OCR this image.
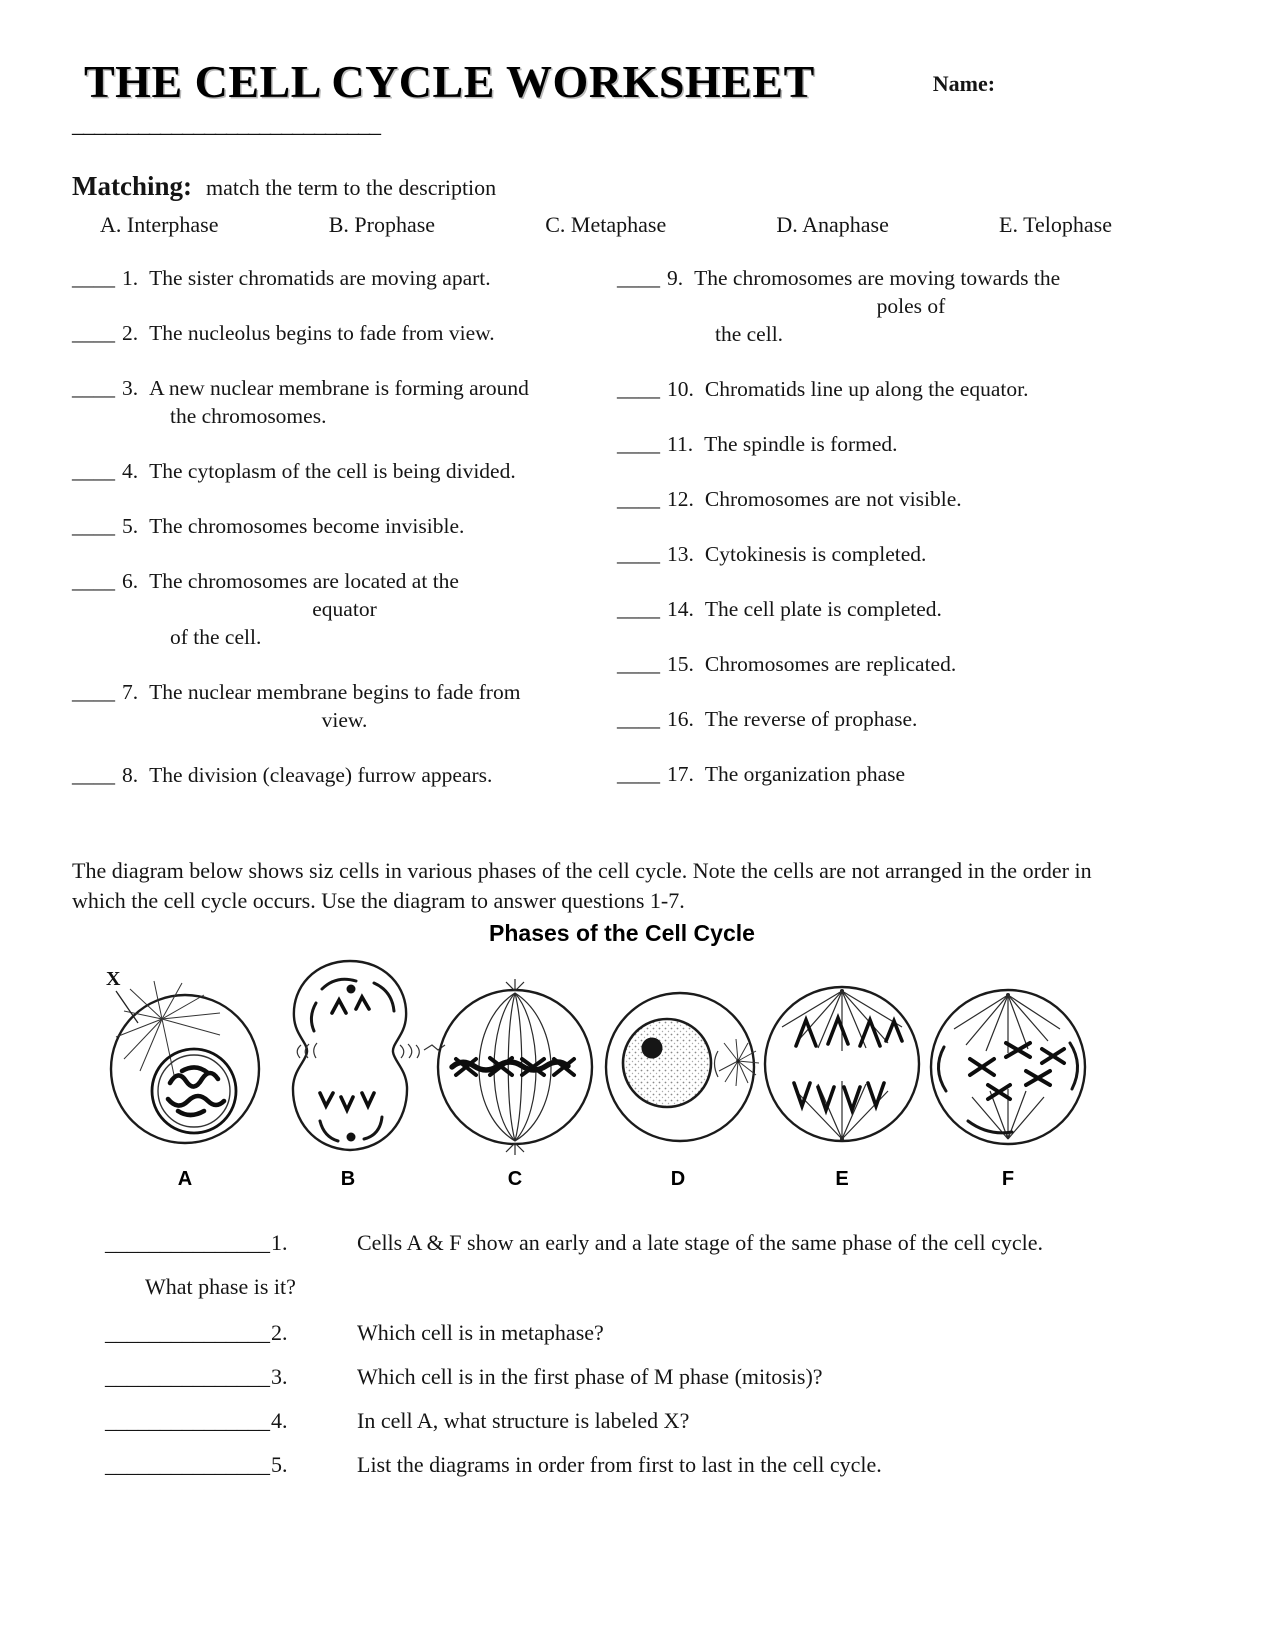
THE CELL CYCLE WORKSHEET	Name:
____________________________
Matching: match the term to the description
A. Interphase	B. Prophase	C. Metaphase	D. Anaphase	E. Telophase
____ 1. The sister chromatids are moving apart.
____ 2. The nucleolus begins to fade from view.
____ 3. A new nuclear membrane is forming around
the chromosomes.
____ 4. The cytoplasm of the cell is being divided.
____ 5. The chromosomes become invisible.
____ 6. The chromosomes are located at the
equator
of the cell.
____ 7. The nuclear membrane begins to fade from
view.
____ 8. The division (cleavage) furrow appears.
____ 9. The chromosomes are moving towards the
poles of
the cell.
____ 10. Chromatids line up along the equator.
____ 11. The spindle is formed.
____ 12. Chromosomes are not visible.
____ 13. Cytokinesis is completed.
____ 14. The cell plate is completed.
____ 15. Chromosomes are replicated.
____ 16. The reverse of prophase.
____ 17. The organization phase

The diagram below shows siz cells in various phases of the cell cycle. Note the cells are not arranged in the order in which the cell cycle occurs. Use the diagram to answer questions 1-7.

Phases of the Cell Cycle
X
A	B	C	D	E	F
_______________1.	Cells A & F show an early and a late stage of the same phase of the cell cycle.
What phase is it?
_______________2.	Which cell is in metaphase?
_______________3.	Which cell is in the first phase of M phase (mitosis)?
_______________4.	In cell A, what structure is labeled X?
_______________5.	List the diagrams in order from first to last in the cell cycle.
